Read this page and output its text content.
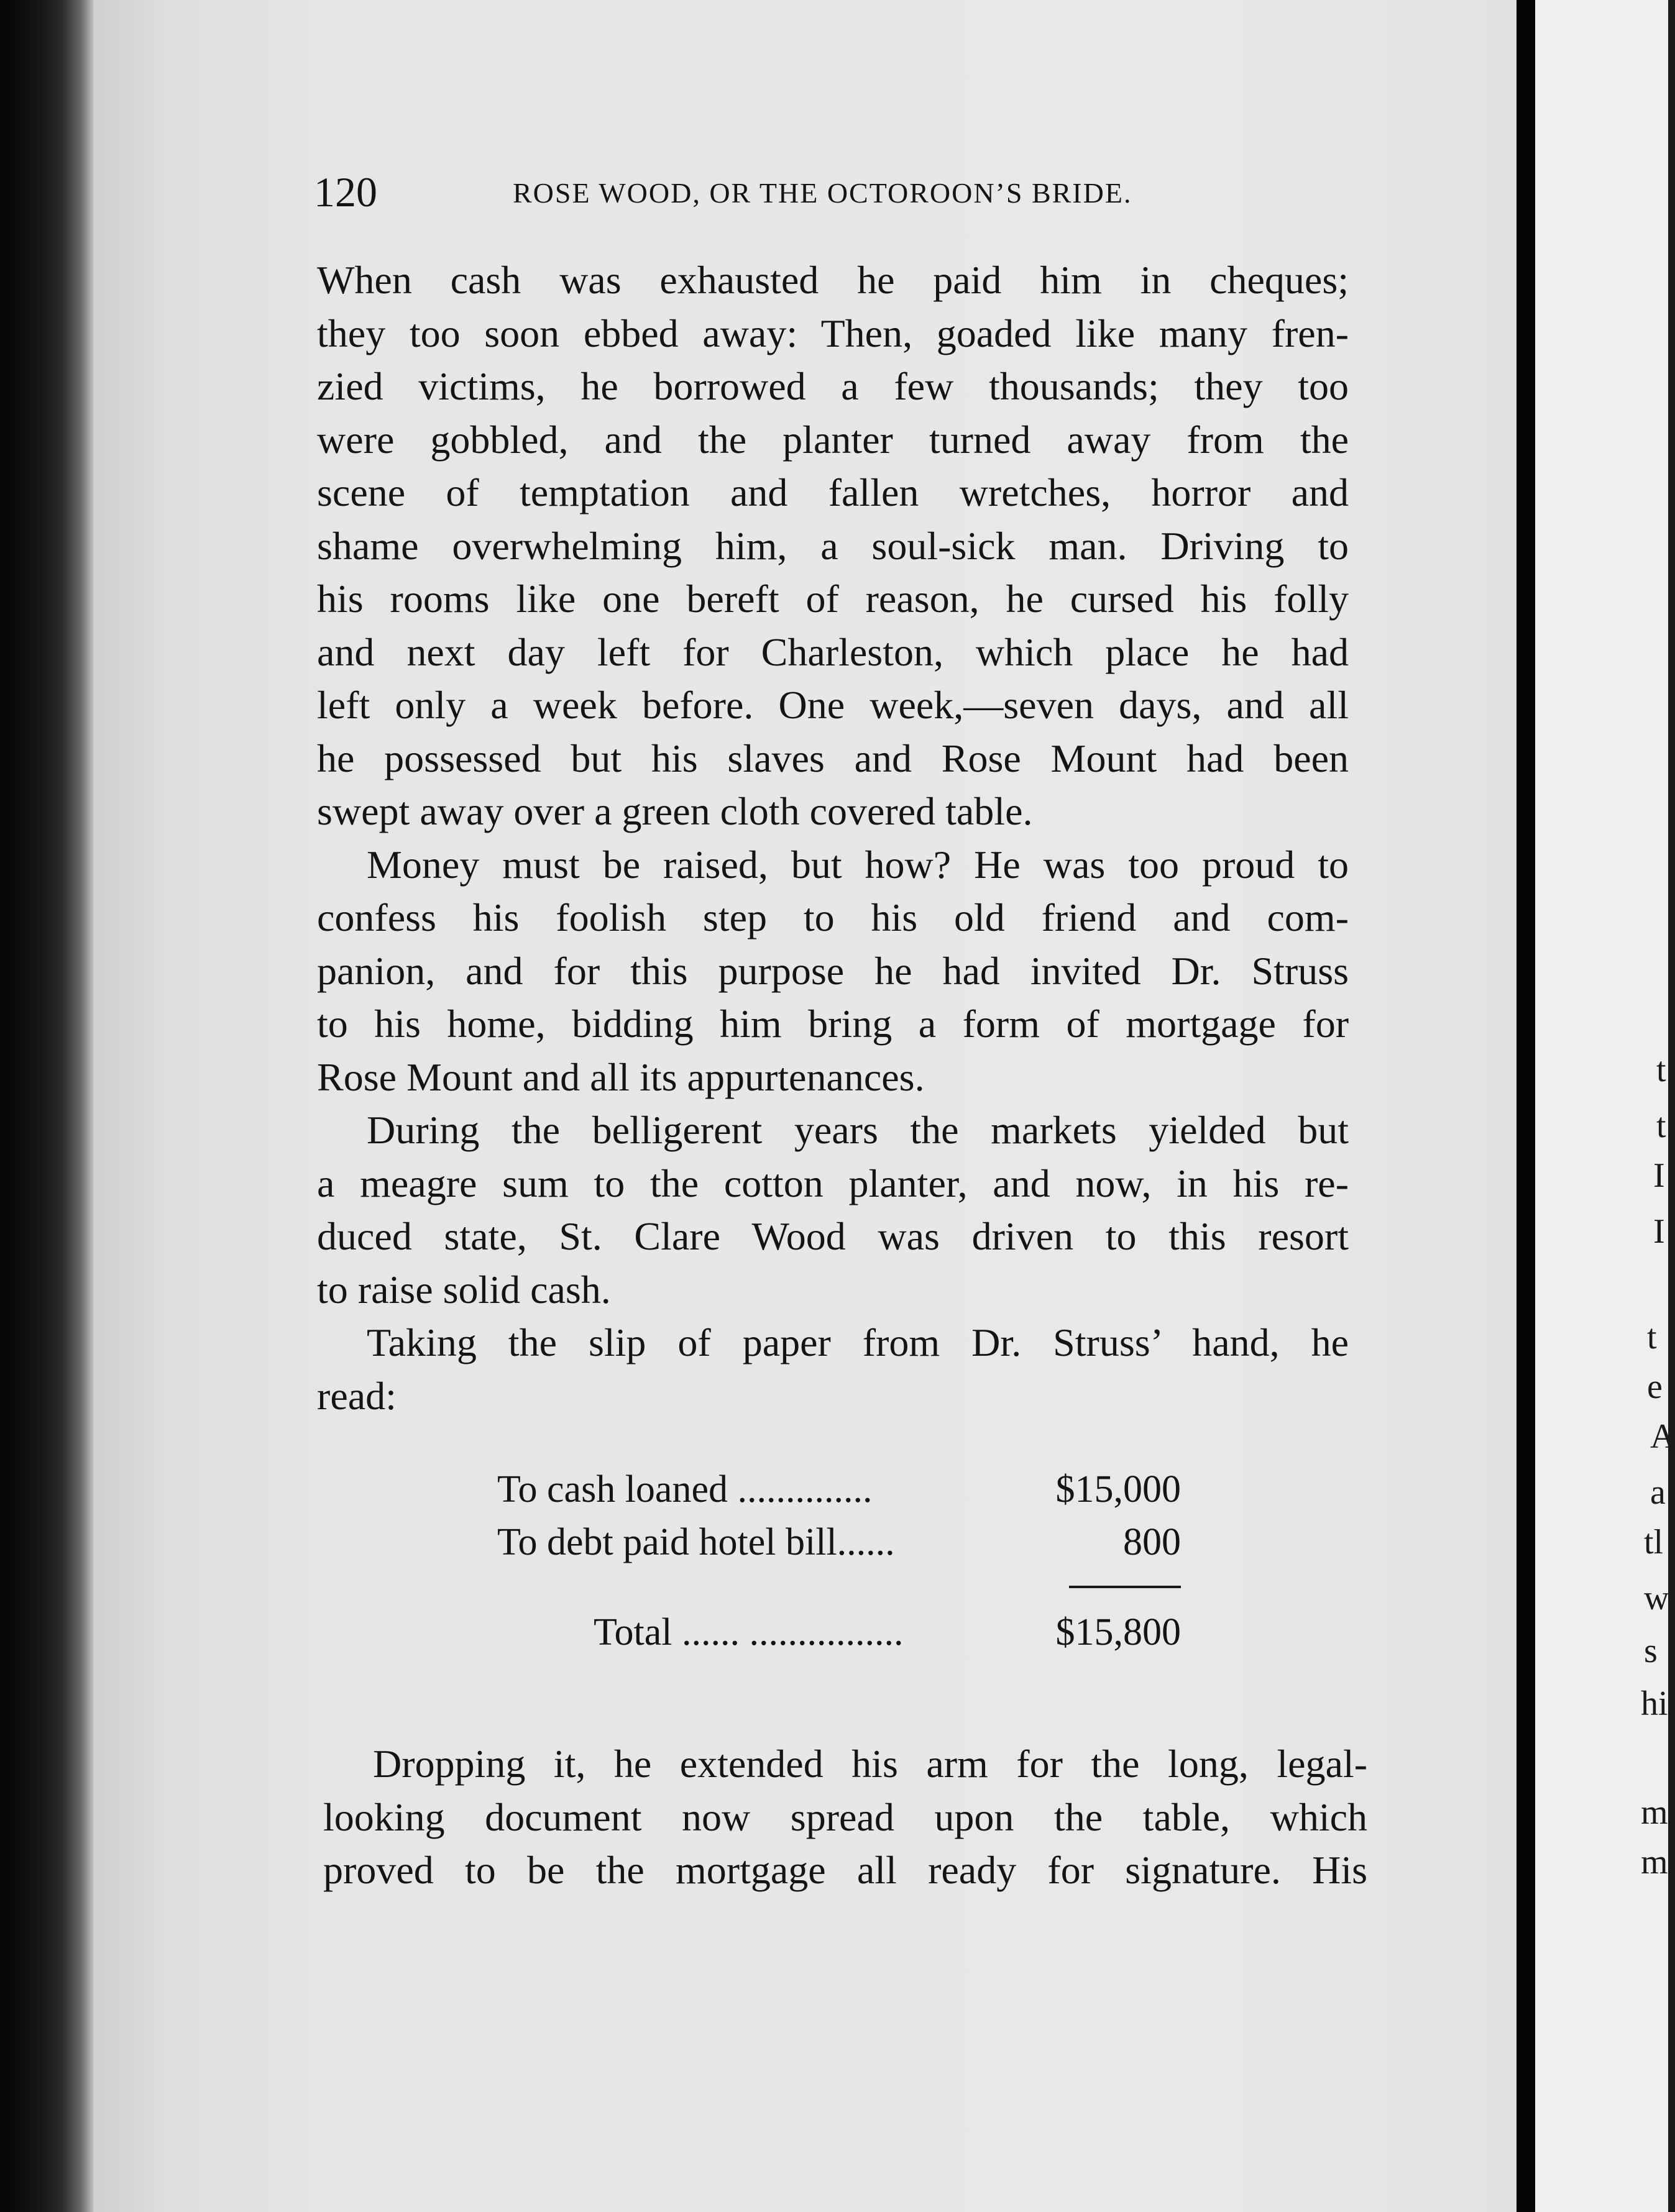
120	ROSE WOOD, OR THE OCTOROON’S BRIDE.
When cash was exhausted he paid him in cheques;
they too soon ebbed away: Then, goaded like many fren-
zied victims, he borrowed a few thousands; they too
were gobbled, and the planter turned away from the
scene of temptation and fallen wretches, horror and
shame overwhelming him, a soul-sick man. Driving to
his rooms like one bereft of reason, he cursed his folly
and next day left for Charleston, which place he had
left only a week before. One week,—seven days, and all
he possessed but his slaves and Rose Mount had been
swept away over a green cloth covered table.
Money must be raised, but how? He was too proud to
confess his foolish step to his old friend and com-
panion, and for this purpose he had invited Dr. Struss
to his home, bidding him bring a form of mortgage for
Rose Mount and all its appurtenances.
During the belligerent years the markets yielded but
a meagre sum to the cotton planter, and now, in his re-
duced state, St. Clare Wood was driven to this resort
to raise solid cash.
Taking the slip of paper from Dr. Struss’ hand, he
read:
To cash loaned ..............	$15,000
To debt paid hotel bill......	800
Total ...... ................	$15,800
Dropping it, he extended his arm for the long, legal-
looking document now spread upon the table, which
proved to be the mortgage all ready for signature. His
t
t
I
I
t
e
A
a
tl
w
s
hi
m
m
